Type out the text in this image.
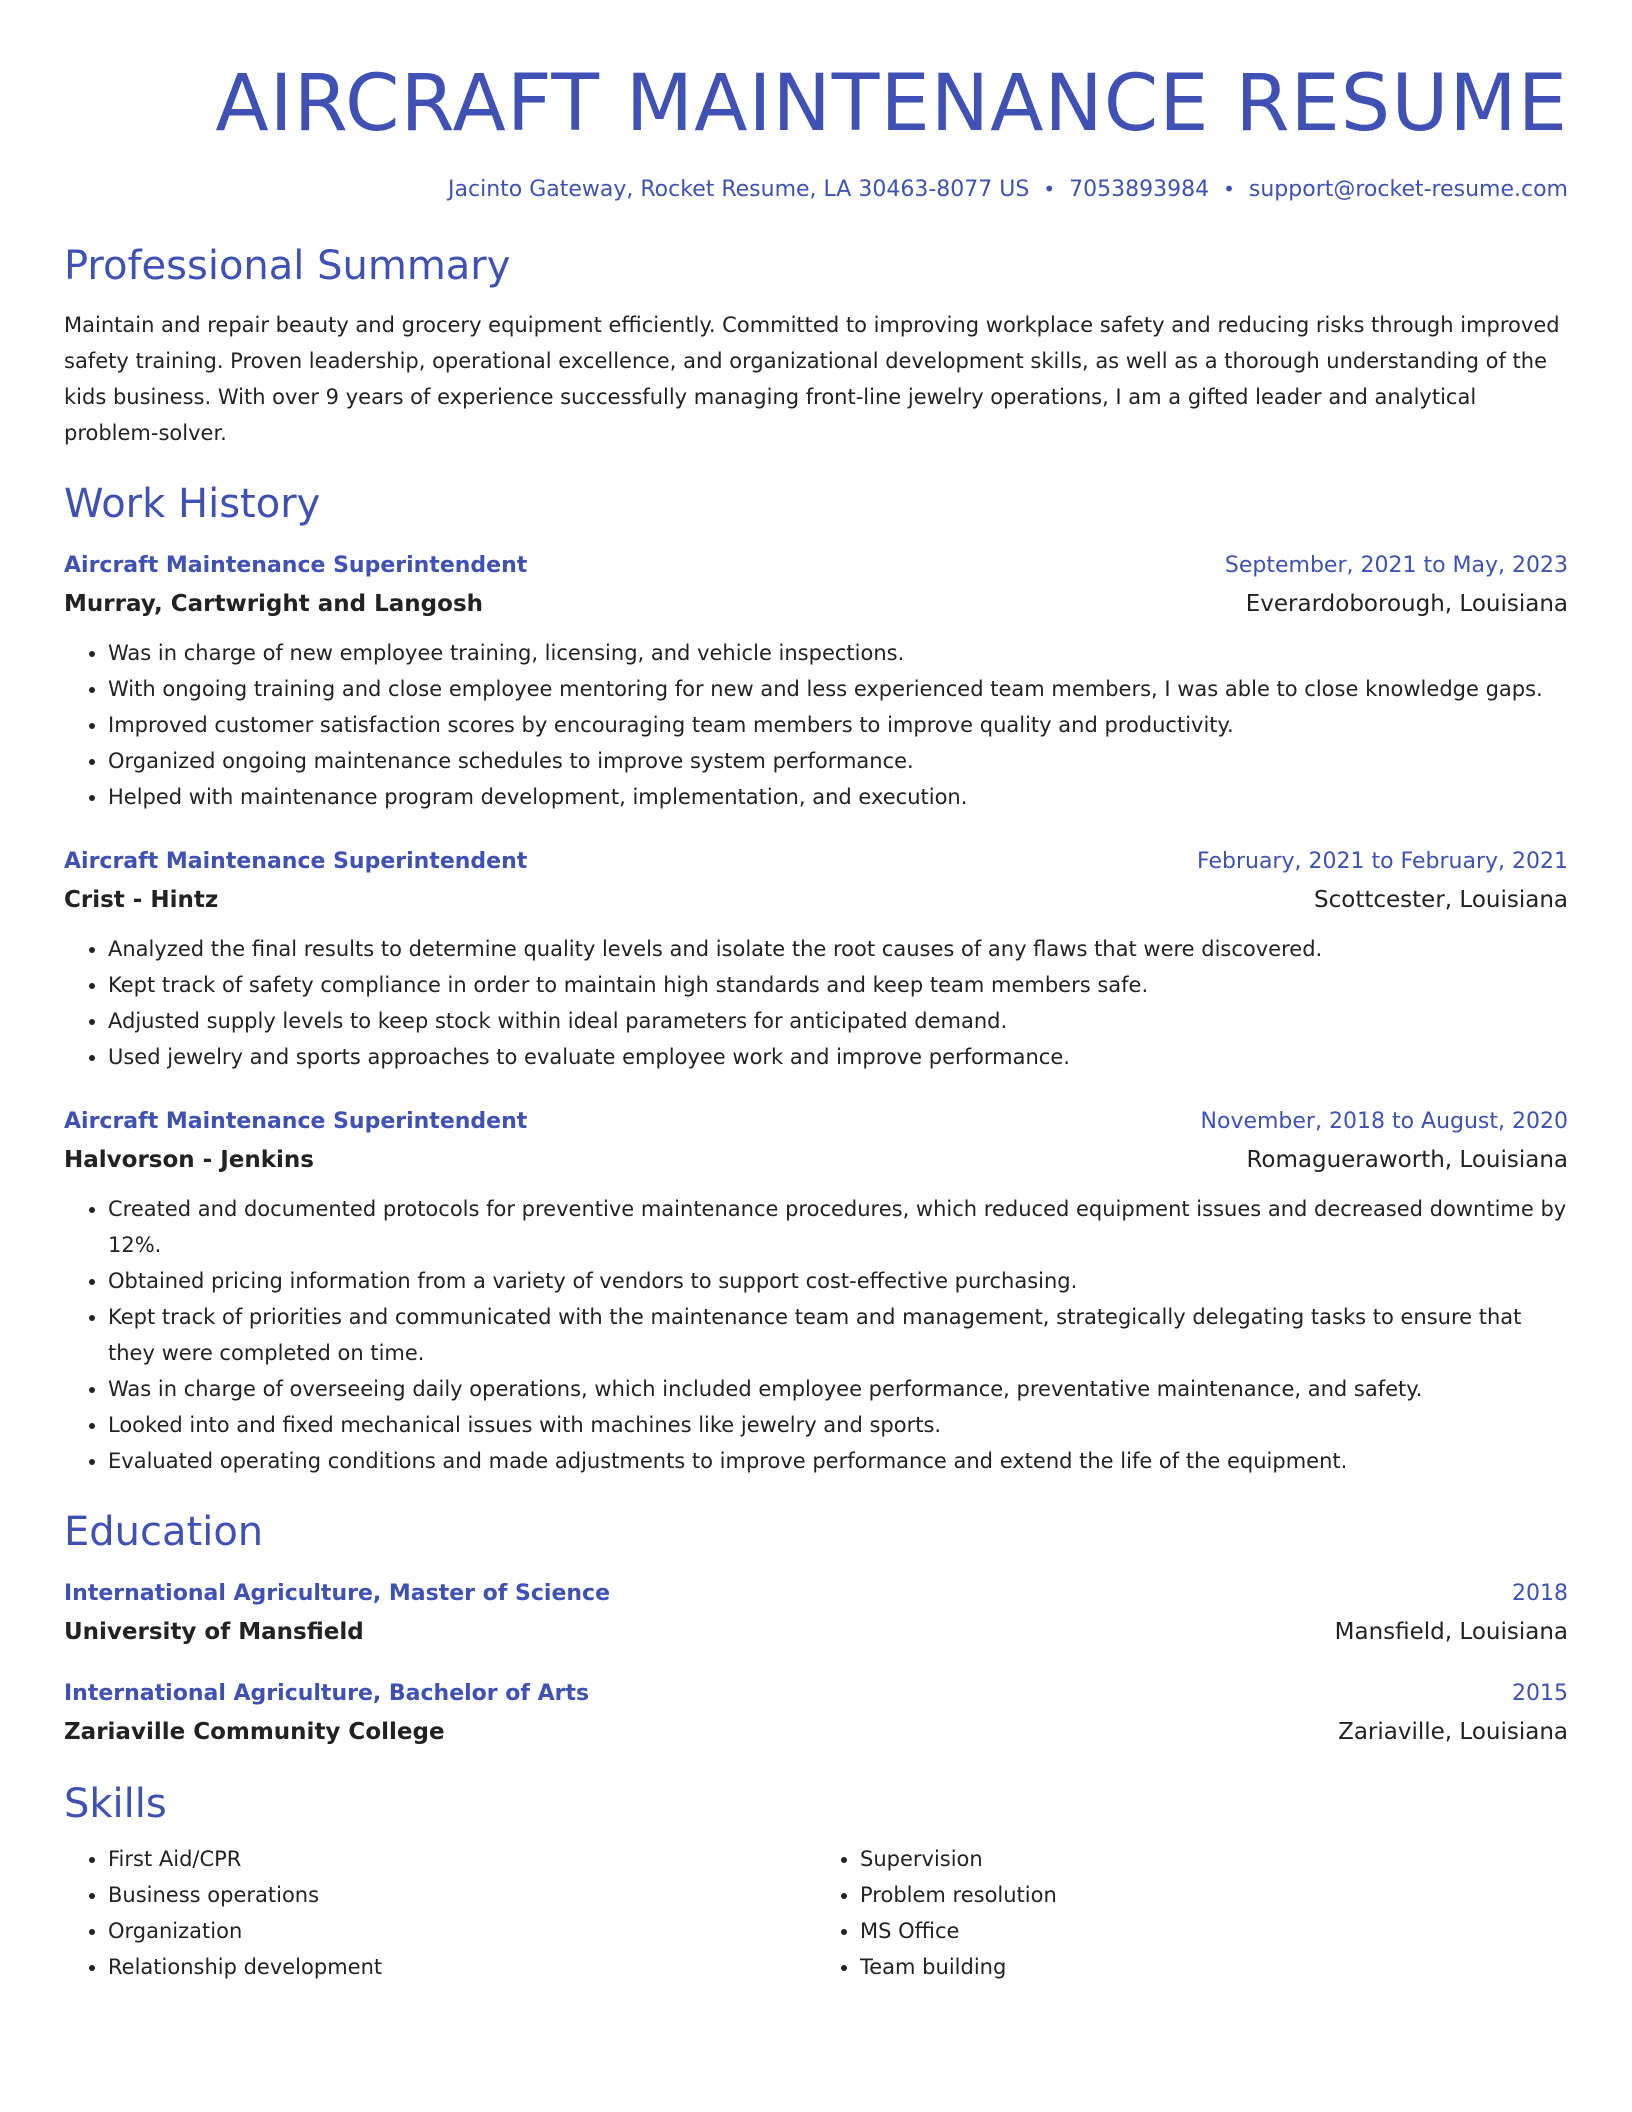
AIRCRAFT MAINTENANCE RESUME
Jacinto Gateway, Rocket Resume, LA 30463-8077 US • 7053893984 • support@rocket-resume.com
Professional Summary
Maintain and repair beauty and grocery equipment efficiently. Committed to improving workplace safety and reducing risks through improved safety training. Proven leadership, operational excellence, and organizational development skills, as well as a thorough understanding of the kids business. With over 9 years of experience successfully managing front-line jewelry operations, I am a gifted leader and analytical problem-solver.
Work History
Aircraft Maintenance Superintendent	September, 2021 to May, 2023
Murray, Cartwright and Langosh	Everardoborough, Louisiana
• Was in charge of new employee training, licensing, and vehicle inspections.
• With ongoing training and close employee mentoring for new and less experienced team members, I was able to close knowledge gaps.
• Improved customer satisfaction scores by encouraging team members to improve quality and productivity.
• Organized ongoing maintenance schedules to improve system performance.
• Helped with maintenance program development, implementation, and execution.
Aircraft Maintenance Superintendent	February, 2021 to February, 2021
Crist - Hintz	Scottcester, Louisiana
• Analyzed the final results to determine quality levels and isolate the root causes of any flaws that were discovered.
• Kept track of safety compliance in order to maintain high standards and keep team members safe.
• Adjusted supply levels to keep stock within ideal parameters for anticipated demand.
• Used jewelry and sports approaches to evaluate employee work and improve performance.
Aircraft Maintenance Superintendent	November, 2018 to August, 2020
Halvorson - Jenkins	Romagueraworth, Louisiana
• Created and documented protocols for preventive maintenance procedures, which reduced equipment issues and decreased downtime by 12%.
• Obtained pricing information from a variety of vendors to support cost-effective purchasing.
• Kept track of priorities and communicated with the maintenance team and management, strategically delegating tasks to ensure that they were completed on time.
• Was in charge of overseeing daily operations, which included employee performance, preventative maintenance, and safety.
• Looked into and fixed mechanical issues with machines like jewelry and sports.
• Evaluated operating conditions and made adjustments to improve performance and extend the life of the equipment.
Education
International Agriculture, Master of Science	2018
University of Mansfield	Mansfield, Louisiana
International Agriculture, Bachelor of Arts	2015
Zariaville Community College	Zariaville, Louisiana
Skills
• First Aid/CPR
• Business operations
• Organization
• Relationship development
• Supervision
• Problem resolution
• MS Office
• Team building
